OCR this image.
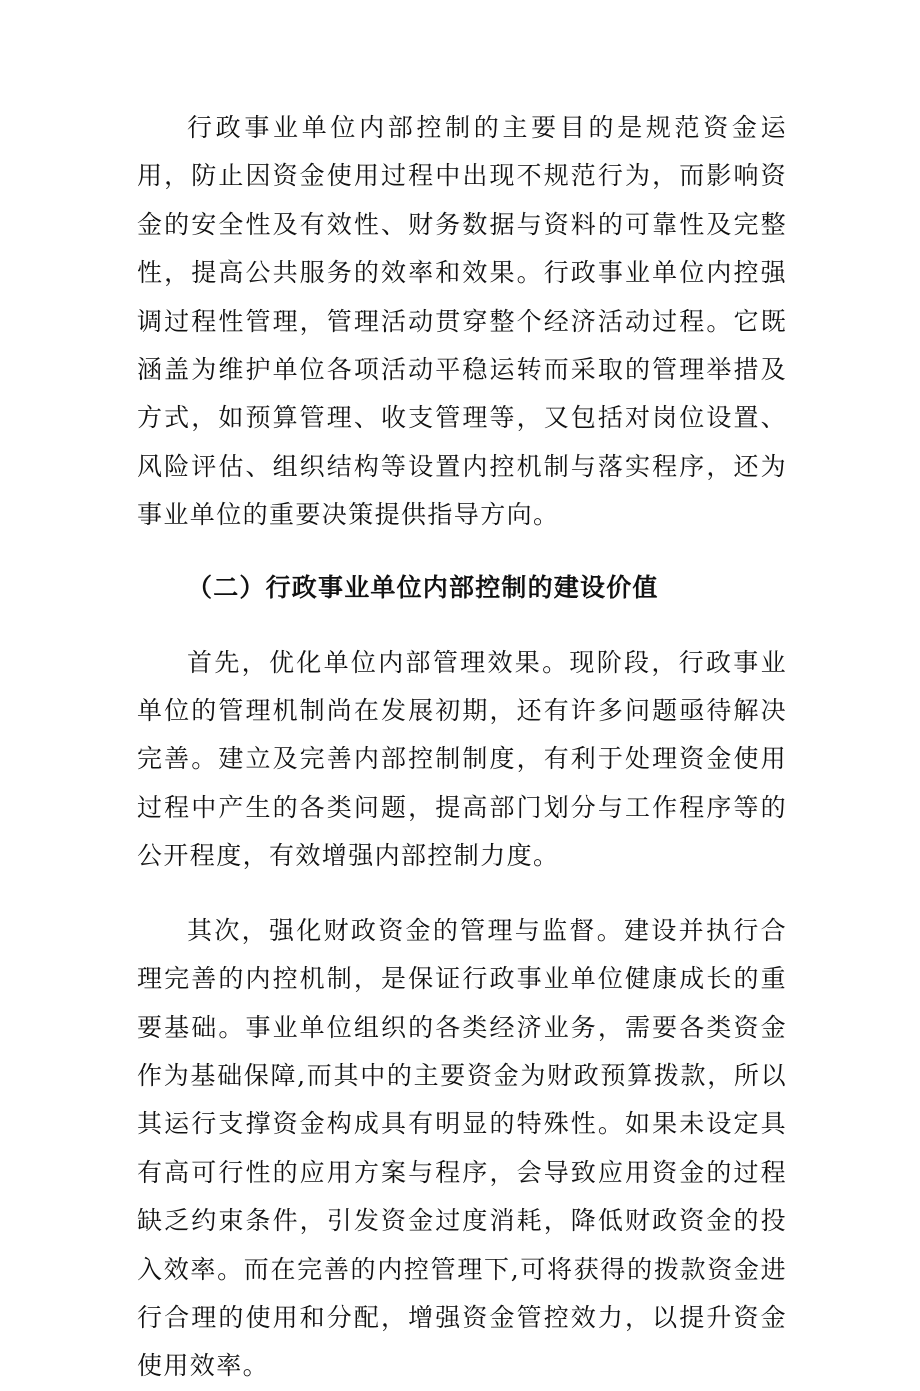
行政事业单位内部控制的主要目的是规范资金运用，防止因资金使用过程中出现不规范行为，而影响资金的安全性及有效性、财务数据与资料的可靠性及完整性，提高公共服务的效率和效果。行政事业单位内控强调过程性管理，管理活动贯穿整个经济活动过程。它既涵盖为维护单位各项活动平稳运转而采取的管理举措及方式，如预算管理、收支管理等，又包括对岗位设置、风险评估、组织结构等设置内控机制与落实程序，还为事业单位的重要决策提供指导方向。

（二）行政事业单位内部控制的建设价值

首先，优化单位内部管理效果。现阶段，行政事业单位的管理机制尚在发展初期，还有许多问题亟待解决完善。建立及完善内部控制制度，有利于处理资金使用过程中产生的各类问题，提高部门划分与工作程序等的公开程度，有效增强内部控制力度。

其次，强化财政资金的管理与监督。建设并执行合理完善的内控机制，是保证行政事业单位健康成长的重要基础。事业单位组织的各类经济业务，需要各类资金作为基础保障,而其中的主要资金为财政预算拨款，所以其运行支撑资金构成具有明显的特殊性。如果未设定具有高可行性的应用方案与程序，会导致应用资金的过程缺乏约束条件，引发资金过度消耗，降低财政资金的投入效率。而在完善的内控管理下,可将获得的拨款资金进行合理的使用和分配，增强资金管控效力，以提升资金使用效率。
